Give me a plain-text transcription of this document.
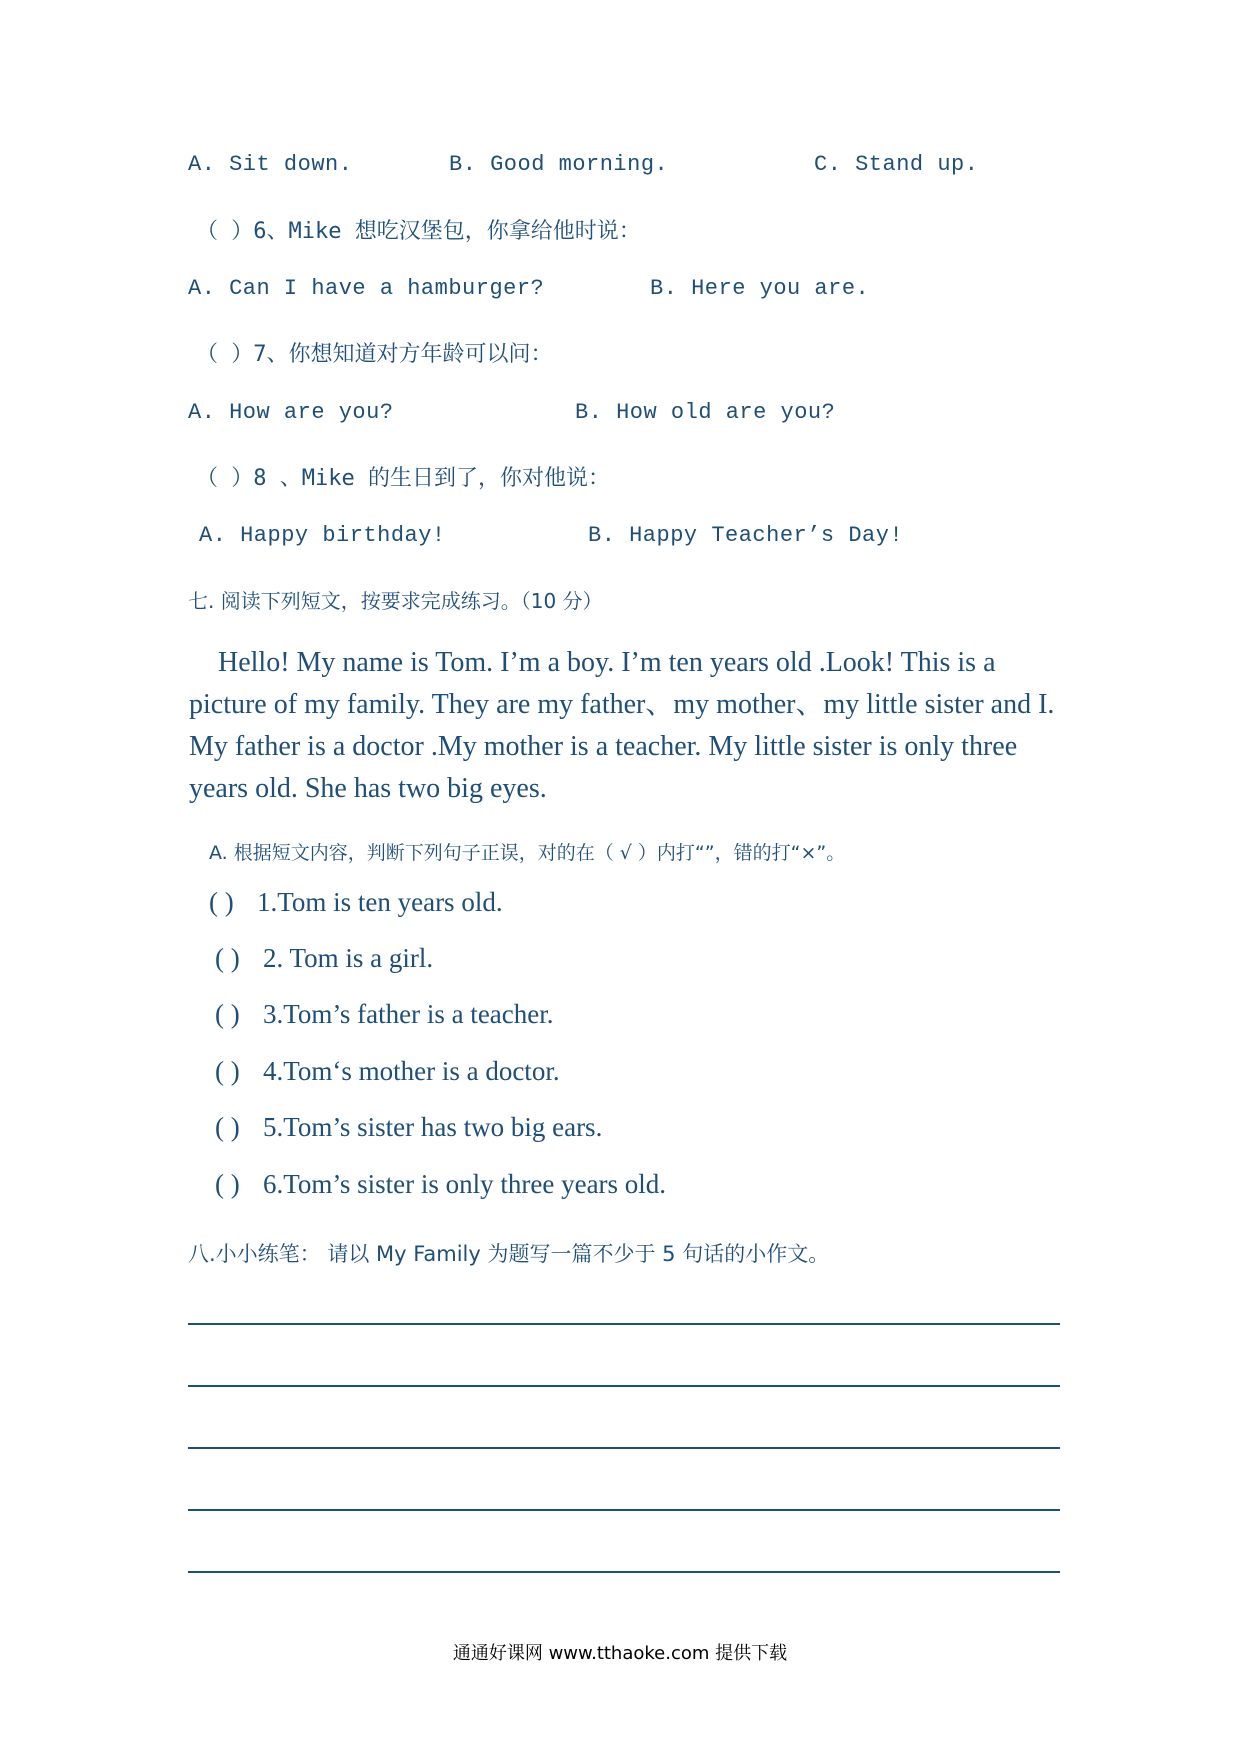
A. Sit down.	B. Good morning.	C. Stand up.
（ ）6、Mike 想吃汉堡包，你拿给他时说：
A. Can I have a hamburger?	B. Here you are.
（ ）7、你想知道对方年龄可以问：
A. How are you?	B. How old are you?
（ ）8 、Mike 的生日到了，你对他说：
A. Happy birthday!	B. Happy Teacher’s Day!
七. 阅读下列短文，按要求完成练习。（10 分）

Hello! My name is Tom. I’m a boy. I’m ten years old .Look! This is a picture of my family. They are my father、my mother、my little sister and I. My father is a doctor .My mother is a teacher. My little sister is only three years old. She has two big eyes.

A. 根据短文内容，判断下列句子正误，对的在（ √ ）内打“”，错的打“×”。
( ) 1.Tom is ten years old.
( ) 2. Tom is a girl.
( ) 3.Tom’s father is a teacher.
( ) 4.Tom‘s mother is a doctor.
( ) 5.Tom’s sister has two big ears.
( ) 6.Tom’s sister is only three years old.
八.小小练笔： 请以 My Family 为题写一篇不少于 5 句话的小作文。
通通好课网 www.tthaoke.com 提供下载
